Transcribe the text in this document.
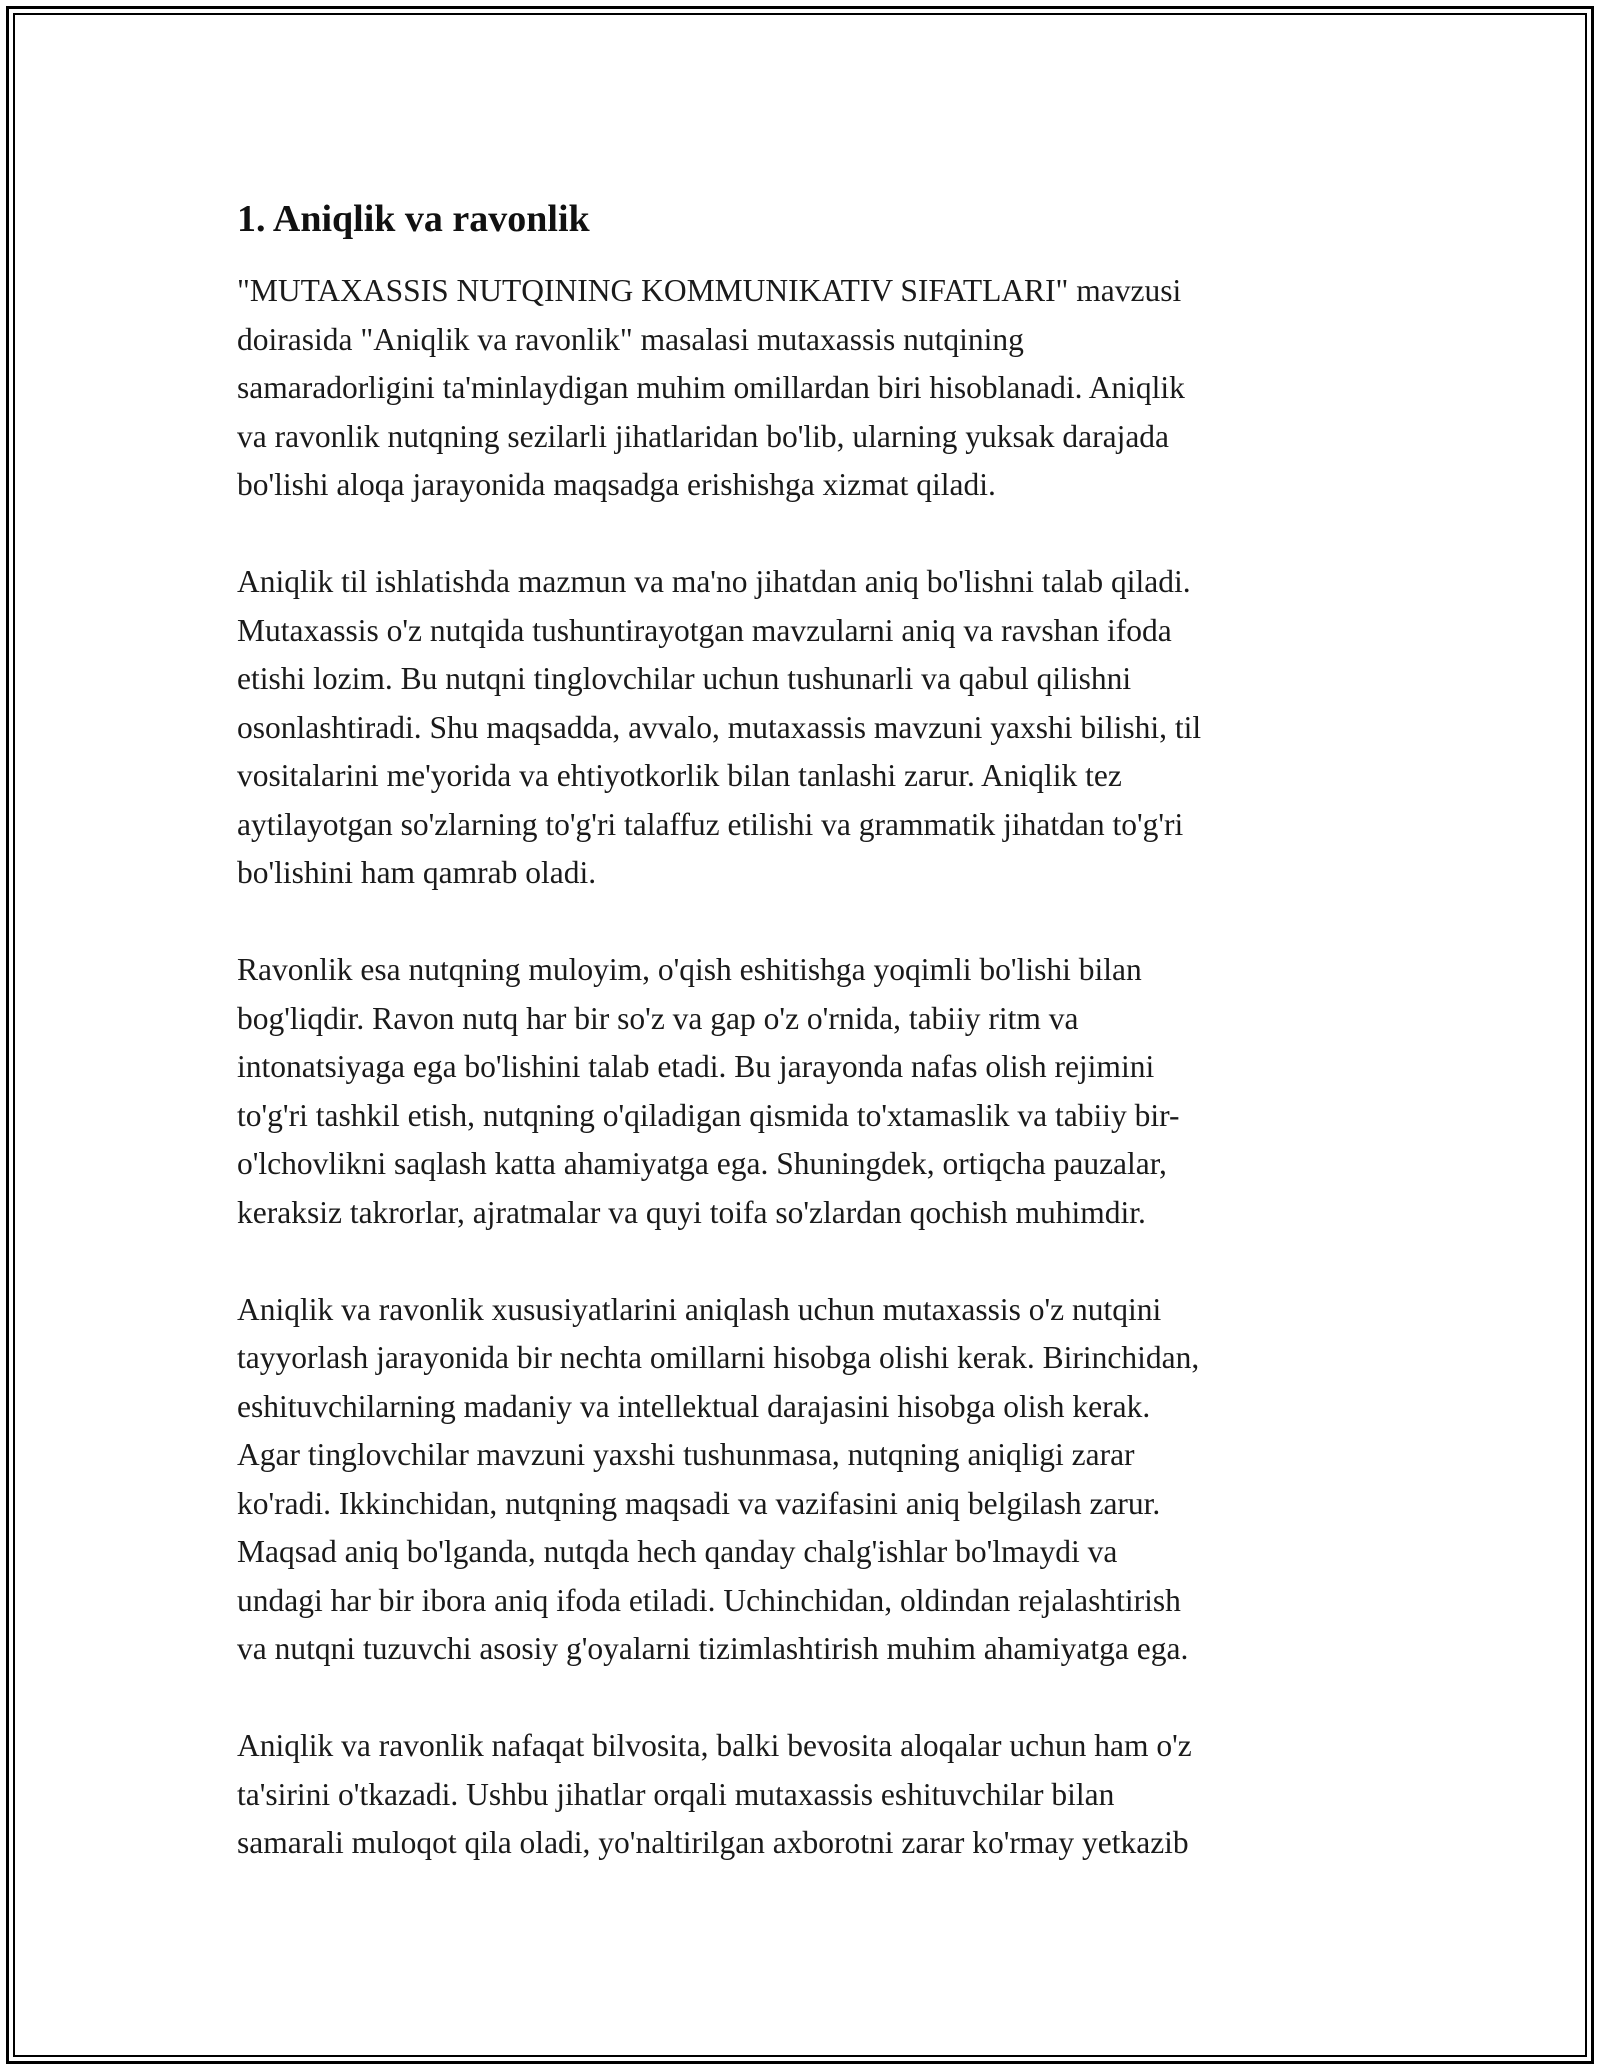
1. Aniqlik va ravonlik

"MUTAXASSIS NUTQINING KOMMUNIKATIV SIFATLARI" mavzusi
doirasida "Aniqlik va ravonlik" masalasi mutaxassis nutqining
samaradorligini ta'minlaydigan muhim omillardan biri hisoblanadi. Aniqlik
va ravonlik nutqning sezilarli jihatlaridan bo'lib, ularning yuksak darajada
bo'lishi aloqa jarayonida maqsadga erishishga xizmat qiladi.

Aniqlik til ishlatishda mazmun va ma'no jihatdan aniq bo'lishni talab qiladi.
Mutaxassis o'z nutqida tushuntirayotgan mavzularni aniq va ravshan ifoda
etishi lozim. Bu nutqni tinglovchilar uchun tushunarli va qabul qilishni
osonlashtiradi. Shu maqsadda, avvalo, mutaxassis mavzuni yaxshi bilishi, til
vositalarini me'yorida va ehtiyotkorlik bilan tanlashi zarur. Aniqlik tez
aytilayotgan so'zlarning to'g'ri talaffuz etilishi va grammatik jihatdan to'g'ri
bo'lishini ham qamrab oladi.

Ravonlik esa nutqning muloyim, o'qish eshitishga yoqimli bo'lishi bilan
bog'liqdir. Ravon nutq har bir so'z va gap o'z o'rnida, tabiiy ritm va
intonatsiyaga ega bo'lishini talab etadi. Bu jarayonda nafas olish rejimini
to'g'ri tashkil etish, nutqning o'qiladigan qismida to'xtamaslik va tabiiy bir-
o'lchovlikni saqlash katta ahamiyatga ega. Shuningdek, ortiqcha pauzalar,
keraksiz takrorlar, ajratmalar va quyi toifa so'zlardan qochish muhimdir.

Aniqlik va ravonlik xususiyatlarini aniqlash uchun mutaxassis o'z nutqini
tayyorlash jarayonida bir nechta omillarni hisobga olishi kerak. Birinchidan,
eshituvchilarning madaniy va intellektual darajasini hisobga olish kerak.
Agar tinglovchilar mavzuni yaxshi tushunmasa, nutqning aniqligi zarar
ko'radi. Ikkinchidan, nutqning maqsadi va vazifasini aniq belgilash zarur.
Maqsad aniq bo'lganda, nutqda hech qanday chalg'ishlar bo'lmaydi va
undagi har bir ibora aniq ifoda etiladi. Uchinchidan, oldindan rejalashtirish
va nutqni tuzuvchi asosiy g'oyalarni tizimlashtirish muhim ahamiyatga ega.

Aniqlik va ravonlik nafaqat bilvosita, balki bevosita aloqalar uchun ham o'z
ta'sirini o'tkazadi. Ushbu jihatlar orqali mutaxassis eshituvchilar bilan
samarali muloqot qila oladi, yo'naltirilgan axborotni zarar ko'rmay yetkazib
